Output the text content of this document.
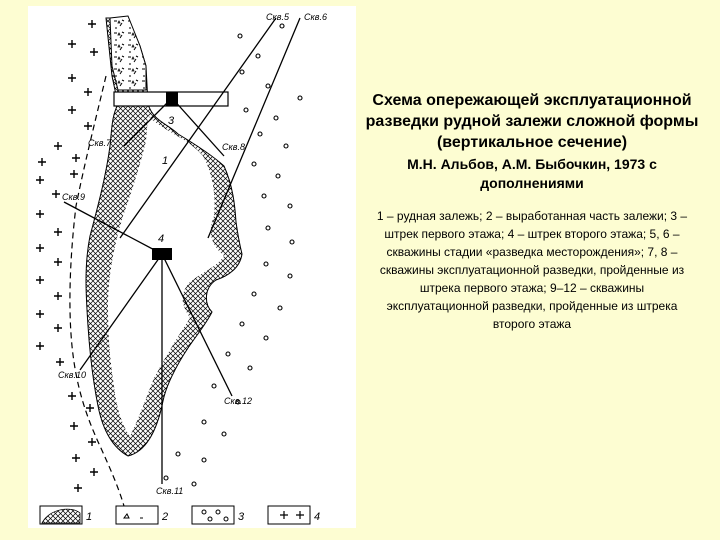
3
4
1
Скв.5 Скв.6
Скв.7	Скв.8
Скв.9
Скв.10
Скв.11
Скв.12
1	2	3	4

Схема опережающей эксплуатационной разведки рудной залежи сложной формы (вертикальное сечение)

М.Н. Альбов, А.М. Быбочкин, 1973 с дополнениями

1 – рудная залежь; 2 – выработанная часть залежи; 3 – штрек первого этажа; 4 – штрек второго этажа; 5, 6 – скважины стадии «разведка месторождения»; 7, 8 – скважины эксплуатационной разведки, пройденные из штрека первого этажа; 9–12 – скважины эксплуатационной разведки, пройденные из штрека второго этажа
